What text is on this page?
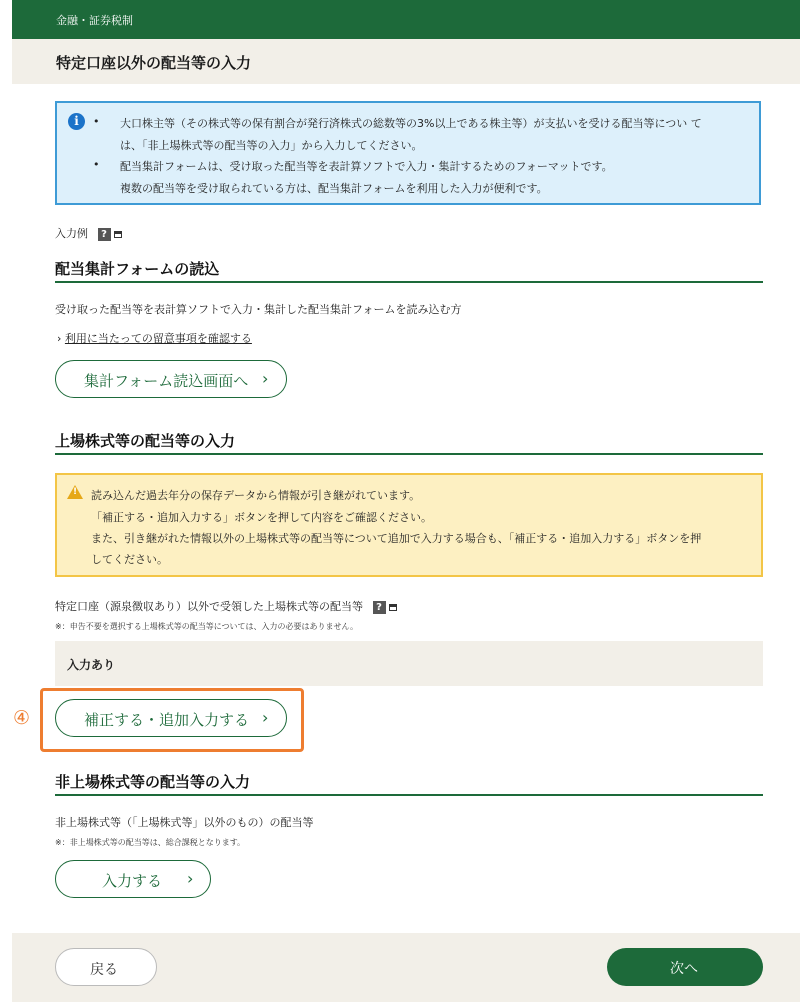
金融・証券税制
特定口座以外の配当等の入力
i	• 大口株主等（その株式等の保有割合が発行済株式の総数等の3%以上である株主等）が支払いを受ける配当等につい て
は、「非上場株式等の配当等の入力」から入力してください。
• 配当集計フォームは、受け取った配当等を表計算ソフトで入力・集計するためのフォーマットです。
複数の配当等を受け取られている方は、配当集計フォームを利用した入力が便利です。
入力例 ?
配当集計フォームの読込
受け取った配当等を表計算ソフトで入力・集計した配当集計フォームを読み込む方
› 利用に当たっての留意事項を確認する
集計フォーム読込画面へ ›
上場株式等の配当等の入力
! 読み込んだ過去年分の保存データから情報が引き継がれています。
「補正する・追加入力する」ボタンを押して内容をご確認ください。
また、引き継がれた情報以外の上場株式等の配当等について追加で入力する場合も、「補正する・追加入力する」ボタンを押
してください。
特定口座（源泉徴収あり）以外で受領した上場株式等の配当等 ?
※：申告不要を選択する上場株式等の配当等については、入力の必要はありません。
入力あり
④	補正する・追加入力する ›
非上場株式等の配当等の入力
非上場株式等（「上場株式等」以外のもの）の配当等
※：非上場株式等の配当等は、総合課税となります。
入力する ›
戻る	次へ
